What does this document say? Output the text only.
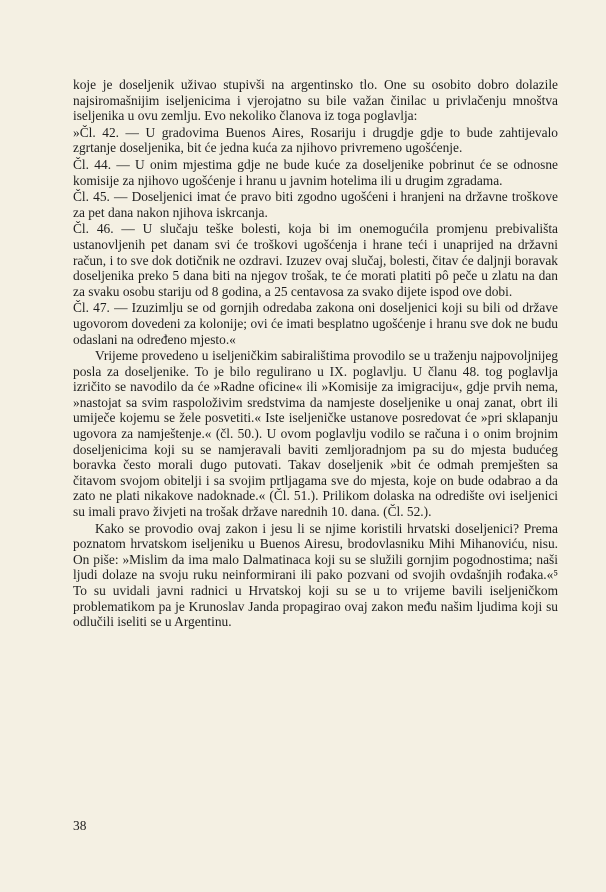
koje je doseljenik uživao stupivši na argentinsko tlo. One su osobito dobro dolazile najsiromašnijim iseljenicima i vjerojatno su bile važan činilac u privlačenju mnoštva iseljenika u ovu zemlju. Evo nekoliko članova iz toga poglavlja:

»Čl. 42. — U gradovima Buenos Aires, Rosariju i drugdje gdje to bude zahtijevalo zgrtanje doseljenika, bit će jedna kuća za njihovo privremeno ugošćenje.

Čl. 44. — U onim mjestima gdje ne bude kuće za doseljenike pobrinut će se odnosne komisije za njihovo ugošćenje i hranu u javnim hotelima ili u drugim zgradama.

Čl. 45. — Doseljenici imat će pravo biti zgodno ugošćeni i hranjeni na državne troškove za pet dana nakon njihova iskrcanja.

Čl. 46. — U slučaju teške bolesti, koja bi im onemogućila promjenu prebivališta ustanovljenih pet danam svi će troškovi ugošćenja i hrane teći i unaprijed na državni račun, i to sve dok dotičnik ne ozdravi. Izuzev ovaj slučaj, bolesti, čitav će daljnji boravak doseljenika preko 5 dana biti na njegov trošak, te će morati platiti pô peče u zlatu na dan za svaku osobu stariju od 8 godina, a 25 centavosa za svako dijete ispod ove dobi.

Čl. 47. — Izuzimlju se od gornjih odredaba zakona oni doseljenici koji su bili od države ugovorom dovedeni za kolonije; ovi će imati besplatno ugošćenje i hranu sve dok ne budu odaslani na određeno mjesto.«

Vrijeme provedeno u iseljeničkim sabiralištima provodilo se u traženju najpovoljnijeg posla za doseljenike. To je bilo regulirano u IX. poglavlju. U članu 48. tog poglavlja izričito se navodilo da će »Radne oficine« ili »Komisije za imigraciju«, gdje prvih nema, »nastojat sa svim raspoloživim sredstvima da namjeste doseljenike u onaj zanat, obrt ili umiječe kojemu se žele posvetiti.« Iste iseljeničke ustanove posredovat će »pri sklapanju ugovora za namještenje.« (čl. 50.). U ovom poglavlju vodilo se računa i o onim brojnim doseljenicima koji su se namjeravali baviti zemljoradnjom pa su do mjesta budućeg boravka često morali dugo putovati. Takav doseljenik »bit će odmah premješten sa čitavom svojom obitelji i sa svojim prtljagama sve do mjesta, koje on bude odabrao a da zato ne plati nikakove nadoknade.« (Čl. 51.). Prilikom dolaska na odredište ovi iseljenici su imali pravo živjeti na trošak države narednih 10. dana. (Čl. 52.).

Kako se provodio ovaj zakon i jesu li se njime koristili hrvatski doseljenici? Prema poznatom hrvatskom iseljeniku u Buenos Airesu, brodovlasniku Mihi Mihanoviću, nisu. On piše: »Mislim da ima malo Dalmatinaca koji su se služili gornjim pogodnostima; naši ljudi dolaze na svoju ruku neinformirani ili pako pozvani od svojih ovdašnjih rođaka.«⁵ To su uvidali javni radnici u Hrvatskoj koji su se u to vrijeme bavili iseljeničkom problematikom pa je Krunoslav Janda propagirao ovaj zakon među našim ljudima koji su odlučili iseliti se u Argentinu.

38
